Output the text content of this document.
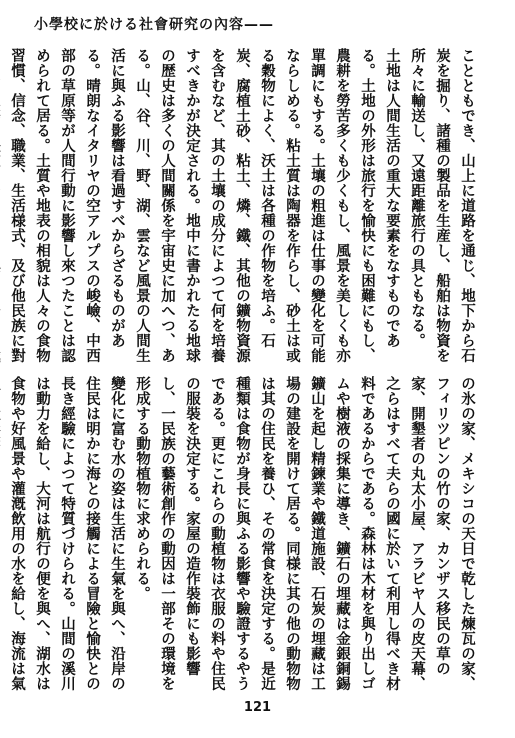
小學校に於ける社會研究の內容——

ことともでき、山上に道路を通じ、地下から石炭を掘り、諸種の製品を生産し、船舶は物資を所々に輸送し、又遠距離旅行の具ともなる。

土地は人間生活の重大な要素をなすものである。土地の外形は旅行を愉快にも困難にもし、農耕を勞苦多くも少くもし、風景を美しくも亦單調にもする。土壤の粗進は仕事の變化を可能ならしめる。粘土質は陶器を作らし、砂土は或る穀物によく、沃土は各種の作物を培ふ。石炭、腐植土砂、粘土、燐、鐵、其他の鑛物資源を含むなど、其の土壤の成分によつて何を培養すべきかが決定される。地中に書かれたる地球の歴史は多くの人間關係を宇宙史に加へつ、ある。山、谷、川、野、湖、雲など風景の人間生活に與ふる影響は看過すべからざるものがある。晴朗なイタリヤの空アルプスの峻嶮、中西部の草原等が人間行動に影響し來つたことは認められて居る。土質や地表の相貌は人々の食物習慣、信念、職業、生活様式、及び他民族に對

の氷の家、メキシコの天日で乾した煉瓦の家、フィリツピンの竹の家、カンザス移民の草の家、開墾者の丸太小屋、アラビヤ人の皮天幕、之らはすべて夫らの國に於いて利用し得べき材料であるからである。森林は木材を與り出しゴムや樹液の採集に導き、鑛石の埋藏は金銀銅錫鑛山を起し精鍊業や鐵道施設、石炭の埋藏は工場の建設を開けて居る。同様に其の他の動物物は其の住民を養ひ、その常食を決定する。是近種類は食物が身長に與ふる影響や驗證するやうである。更にこれらの動植物は衣服の料や住民の服裝を決定する。家屋の造作裝飾にも影響し、一民族の藝術創作の動因は一部その環境を形成する動物植物に求められる。

變化に富む水の姿は生活に生氣を與へ、沿岸の住民は明かに海との接觸による冒險と愉快との長き經驗によつて特質づけられる。山間の溪川は動力を給し、大河は航行の便を與へ、湖水は食物や好風景や灌漑飲用の水を給し、海流は氣

121
